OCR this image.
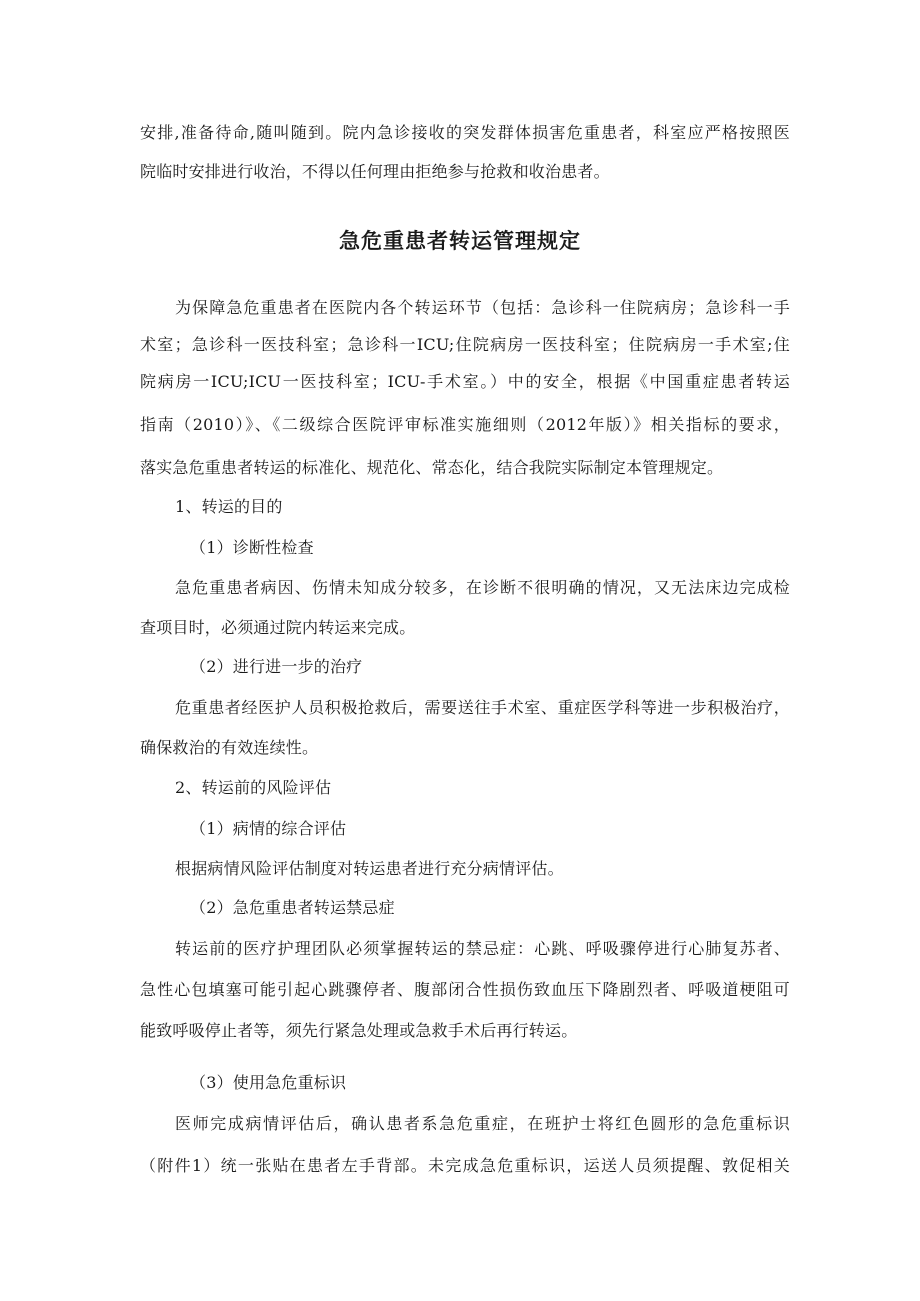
安排,准备待命,随叫随到。院内急诊接收的突发群体损害危重患者，科室应严格按照医
院临时安排进行收治，不得以任何理由拒绝参与抢救和收治患者。
急危重患者转运管理规定
为保障急危重患者在医院内各个转运环节（包括：急诊科一住院病房；急诊科一手
术室；急诊科一医技科室；急诊科一ICU;住院病房一医技科室；住院病房一手术室;住
院病房一ICU;ICU一医技科室；ICU-手术室。）中的安全，根据《中国重症患者转运
指南（2010）》、《二级综合医院评审标准实施细则（2012年版）》相关指标的要求，
落实急危重患者转运的标准化、规范化、常态化，结合我院实际制定本管理规定。
1、转运的目的
（1）诊断性检查
急危重患者病因、伤情未知成分较多，在诊断不很明确的情况，又无法床边完成检
查项目时，必须通过院内转运来完成。
（2）进行进一步的治疗
危重患者经医护人员积极抢救后，需要送往手术室、重症医学科等进一步积极治疗，
确保救治的有效连续性。
2、转运前的风险评估
（1）病情的综合评估
根据病情风险评估制度对转运患者进行充分病情评估。
（2）急危重患者转运禁忌症
转运前的医疗护理团队必须掌握转运的禁忌症：心跳、呼吸骤停进行心肺复苏者、
急性心包填塞可能引起心跳骤停者、腹部闭合性损伤致血压下降剧烈者、呼吸道梗阻可
能致呼吸停止者等，须先行紧急处理或急救手术后再行转运。
（3）使用急危重标识
医师完成病情评估后，确认患者系急危重症，在班护士将红色圆形的急危重标识
（附件1）统一张贴在患者左手背部。未完成急危重标识，运送人员须提醒、敦促相关
